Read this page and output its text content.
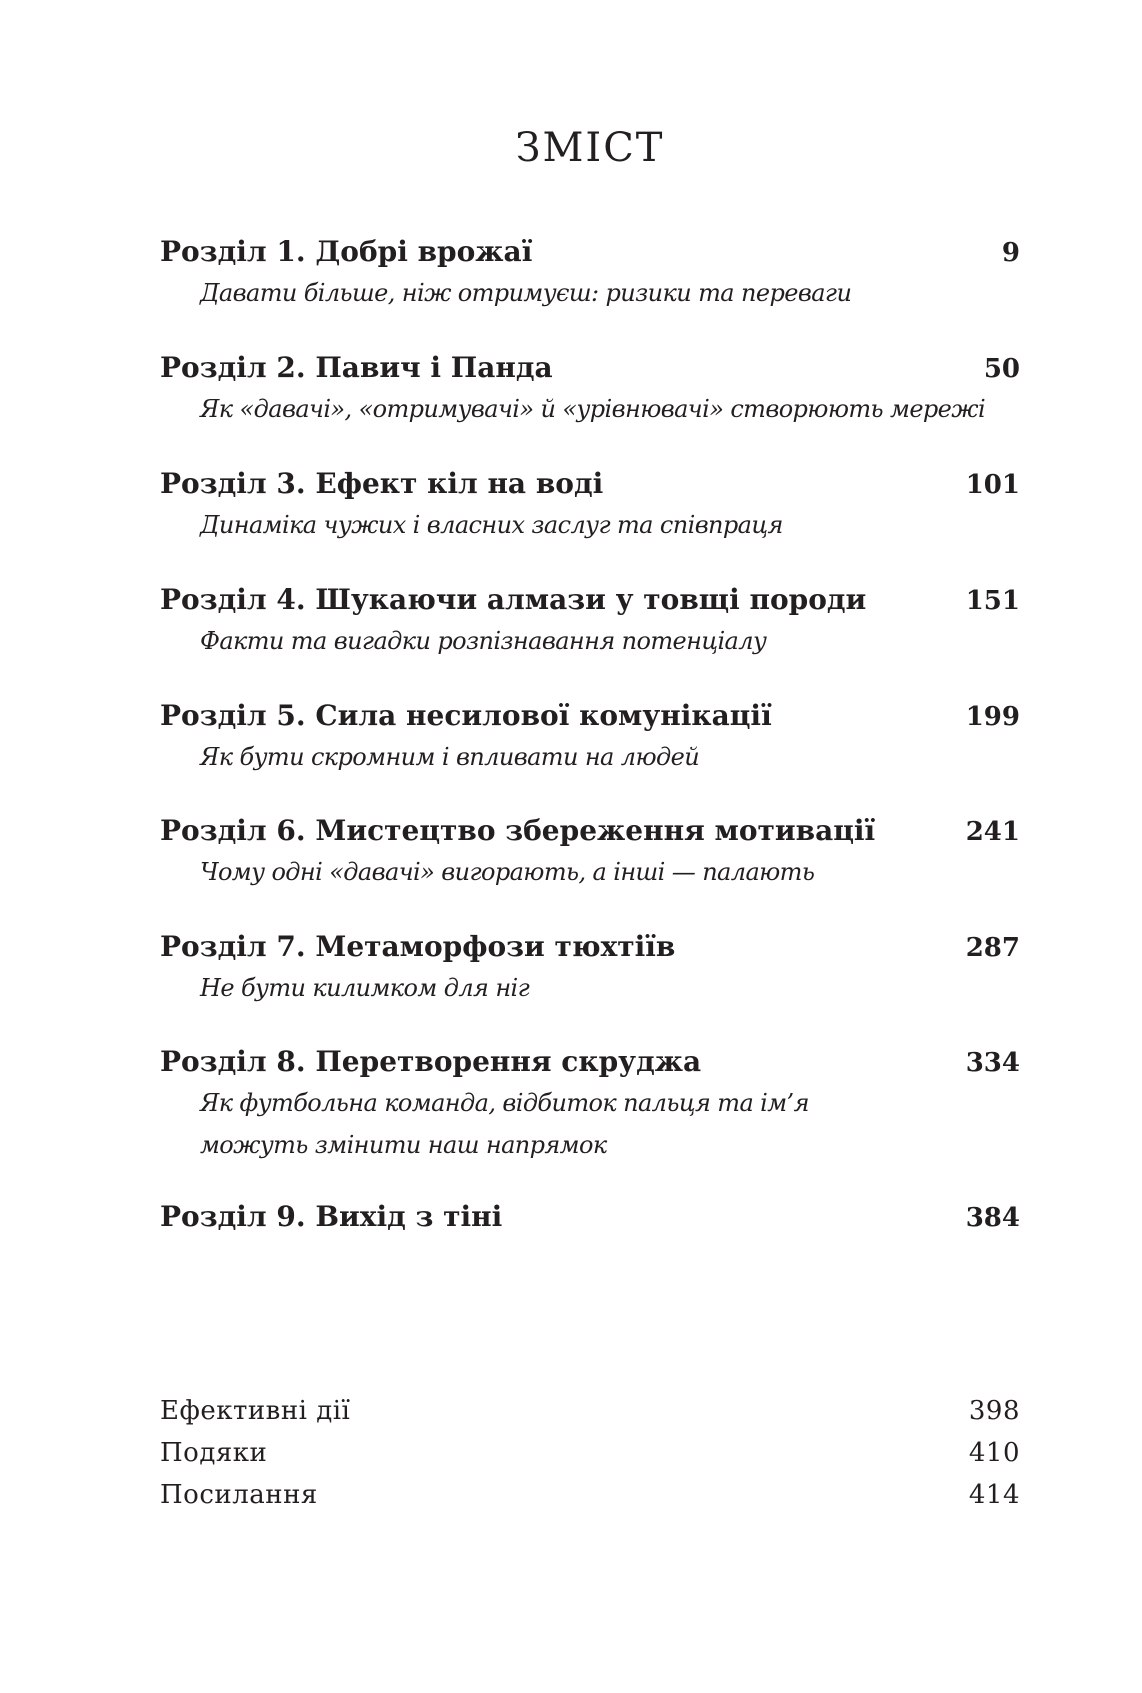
ЗМІСТ
Розділ 1. Добрі врожаї	9
Давати більше, ніж отримуєш: ризики та переваги
Розділ 2. Павич і Панда	50
Як «давачі», «отримувачі» й «урівнювачі» створюють мережі
Розділ 3. Ефект кіл на воді	101
Динаміка чужих і власних заслуг та співпраця
Розділ 4. Шукаючи алмази у товщі породи	151
Факти та вигадки розпізнавання потенціалу
Розділ 5. Сила несилової комунікації	199
Як бути скромним і впливати на людей
Розділ 6. Мистецтво збереження мотивації	241
Чому одні «давачі» вигорають, а інші — палають
Розділ 7. Метаморфози тюхтіїв	287
Не бути килимком для ніг
Розділ 8. Перетворення скруджа	334
Як футбольна команда, відбиток пальця та ім’я
можуть змінити наш напрямок
Розділ 9. Вихід з тіні	384
Ефективні дії	398
Подяки	410
Посилання	414
